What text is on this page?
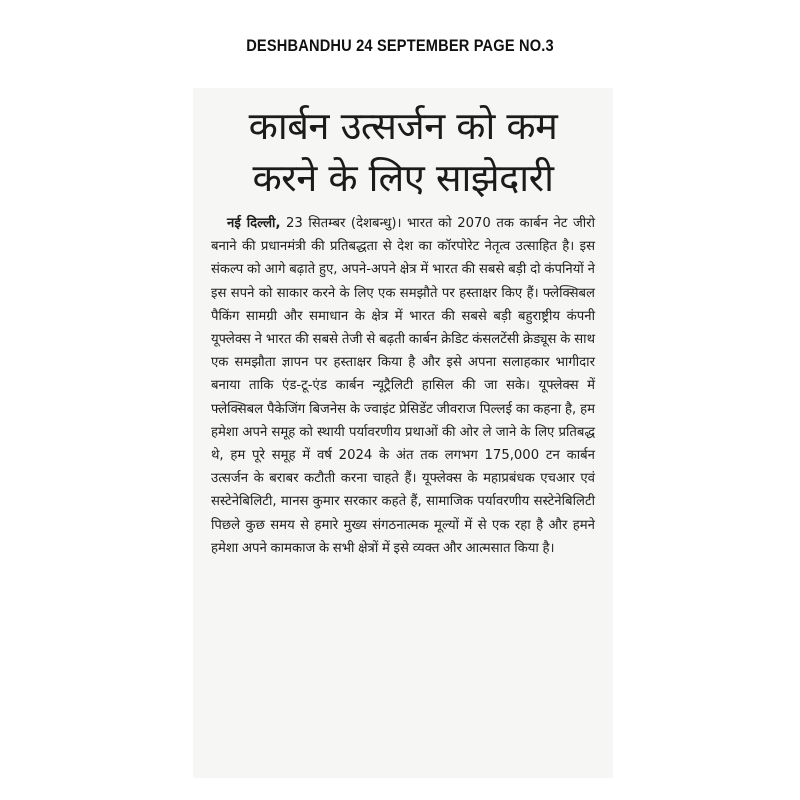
DESHBANDHU 24 SEPTEMBER PAGE NO.3
कार्बन उत्सर्जन को कम
करने के लिए साझेदारी
नई दिल्ली, 23 सितम्बर (देशबन्धु)। भारत को 2070 तक कार्बन नेट जीरो बनाने की प्रधानमंत्री की प्रतिबद्धता से देश का कॉरपोरेट नेतृत्व उत्साहित है। इस संकल्प को आगे बढ़ाते हुए, अपने-अपने क्षेत्र में भारत की सबसे बड़ी दो कंपनियों ने इस सपने को साकार करने के लिए एक समझौते पर हस्ताक्षर किए हैं। फ्लेक्सिबल पैकिंग सामग्री और समाधान के क्षेत्र में भारत की सबसे बड़ी बहुराष्ट्रीय कंपनी यूफ्लेक्स ने भारत की सबसे तेजी से बढ़ती कार्बन क्रेडिट कंसलटेंसी क्रेड्यूस के साथ एक समझौता ज्ञापन पर हस्ताक्षर किया है और इसे अपना सलाहकार भागीदार बनाया ताकि एंड-टू-एंड कार्बन न्यूट्रैलिटी हासिल की जा सके। यूफ्लेक्स में फ्लेक्सिबल पैकेजिंग बिजनेस के ज्वाइंट प्रेसिडेंट जीवराज पिल्लई का कहना है, हम हमेशा अपने समूह को स्थायी पर्यावरणीय प्रथाओं की ओर ले जाने के लिए प्रतिबद्ध थे, हम पूरे समूह में वर्ष 2024 के अंत तक लगभग 175,000 टन कार्बन उत्सर्जन के बराबर कटौती करना चाहते हैं। यूफ्लेक्स के महाप्रबंधक एचआर एवं सस्टेनेबिलिटी, मानस कुमार सरकार कहते हैं, सामाजिक पर्यावरणीय सस्टेनेबिलिटी पिछले कुछ समय से हमारे मुख्य संगठनात्मक मूल्यों में से एक रहा है और हमने हमेशा अपने कामकाज के सभी क्षेत्रों में इसे व्यक्त और आत्मसात किया है।
